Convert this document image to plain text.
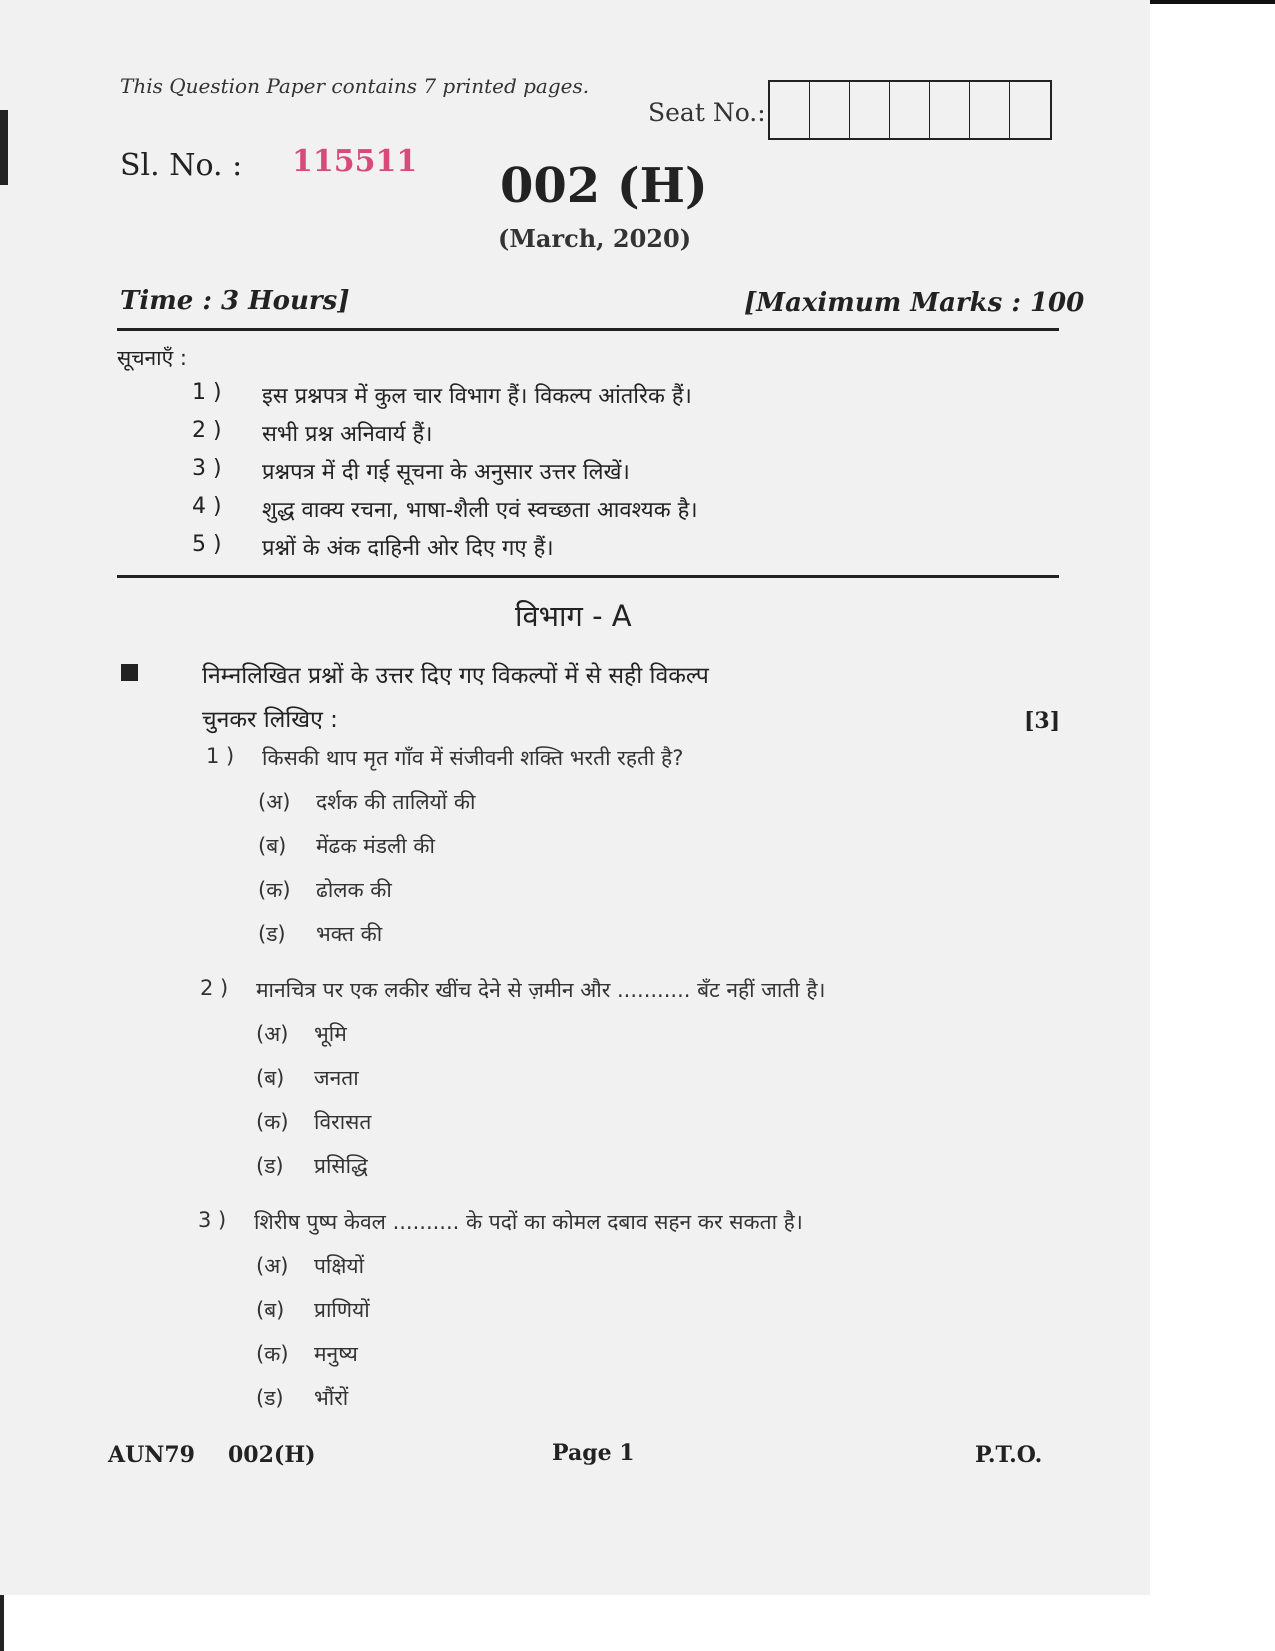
This Question Paper contains 7 printed pages.
Seat No.:
Sl. No. : 115511 002 (H)
(March, 2020)
Time : 3 Hours]	[Maximum Marks : 100
सूचनाएँ :
1 )	इस प्रश्नपत्र में कुल चार विभाग हैं। विकल्प आंतरिक हैं।
2 )	सभी प्रश्न अनिवार्य हैं।
3 )	प्रश्नपत्र में दी गई सूचना के अनुसार उत्तर लिखें।
4 )	शुद्ध वाक्य रचना, भाषा-शैली एवं स्वच्छता आवश्यक है।
5 )	प्रश्नों के अंक दाहिनी ओर दिए गए हैं।
विभाग - A
निम्नलिखित प्रश्नों के उत्तर दिए गए विकल्पों में से सही विकल्प
चुनकर लिखिए :	[3]
1 )	किसकी थाप मृत गाँव में संजीवनी शक्ति भरती रहती है?
(अ)	दर्शक की तालियों की
(ब)	मेंढक मंडली की
(क)	ढोलक की
(ड)	भक्त की
2 )	मानचित्र पर एक लकीर खींच देने से ज़मीन और ........... बँट नहीं जाती है।
(अ)	भूमि
(ब)	जनता
(क)	विरासत
(ड)	प्रसिद्धि
3 )	शिरीष पुष्प केवल .......... के पदों का कोमल दबाव सहन कर सकता है।
(अ)	पक्षियों
(ब)	प्राणियों
(क)	मनुष्य
(ड)	भौंरों
AUN79 002(H)	Page 1	P.T.O.
